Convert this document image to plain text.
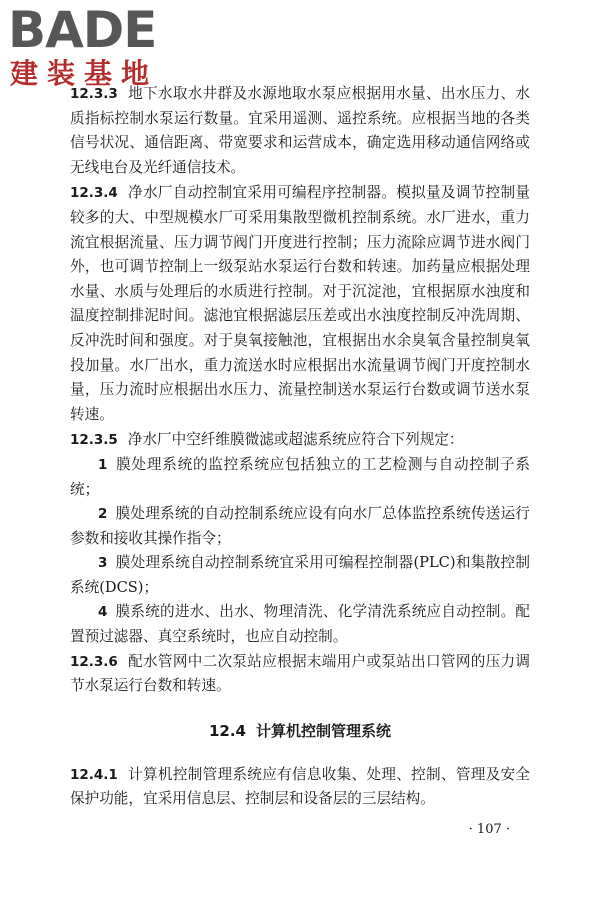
BADE
建装基地

12.3.3 地下水取水井群及水源地取水泵应根据用水量、出水压力、水质指标控制水泵运行数量。宜采用遥测、遥控系统。应根据当地的各类信号状况、通信距离、带宽要求和运营成本，确定选用移动通信网络或无线电台及光纤通信技术。

12.3.4 净水厂自动控制宜采用可编程序控制器。模拟量及调节控制量较多的大、中型规模水厂可采用集散型微机控制系统。水厂进水，重力流宜根据流量、压力调节阀门开度进行控制；压力流除应调节进水阀门外，也可调节控制上一级泵站水泵运行台数和转速。加药量应根据处理水量、水质与处理后的水质进行控制。对于沉淀池，宜根据原水浊度和温度控制排泥时间。滤池宜根据滤层压差或出水浊度控制反冲洗周期、反冲洗时间和强度。对于臭氧接触池，宜根据出水余臭氧含量控制臭氧投加量。水厂出水，重力流送水时应根据出水流量调节阀门开度控制水量，压力流时应根据出水压力、流量控制送水泵运行台数或调节送水泵转速。

12.3.5 净水厂中空纤维膜微滤或超滤系统应符合下列规定：

1 膜处理系统的监控系统应包括独立的工艺检测与自动控制子系统；

2 膜处理系统的自动控制系统应设有向水厂总体监控系统传送运行参数和接收其操作指令；

3 膜处理系统自动控制系统宜采用可编程控制器(PLC)和集散控制系统(DCS)；

4 膜系统的进水、出水、物理清洗、化学清洗系统应自动控制。配置预过滤器、真空系统时，也应自动控制。

12.3.6 配水管网中二次泵站应根据末端用户或泵站出口管网的压力调节水泵运行台数和转速。

12.4 计算机控制管理系统

12.4.1 计算机控制管理系统应有信息收集、处理、控制、管理及安全保护功能，宜采用信息层、控制层和设备层的三层结构。

· 107 ·
